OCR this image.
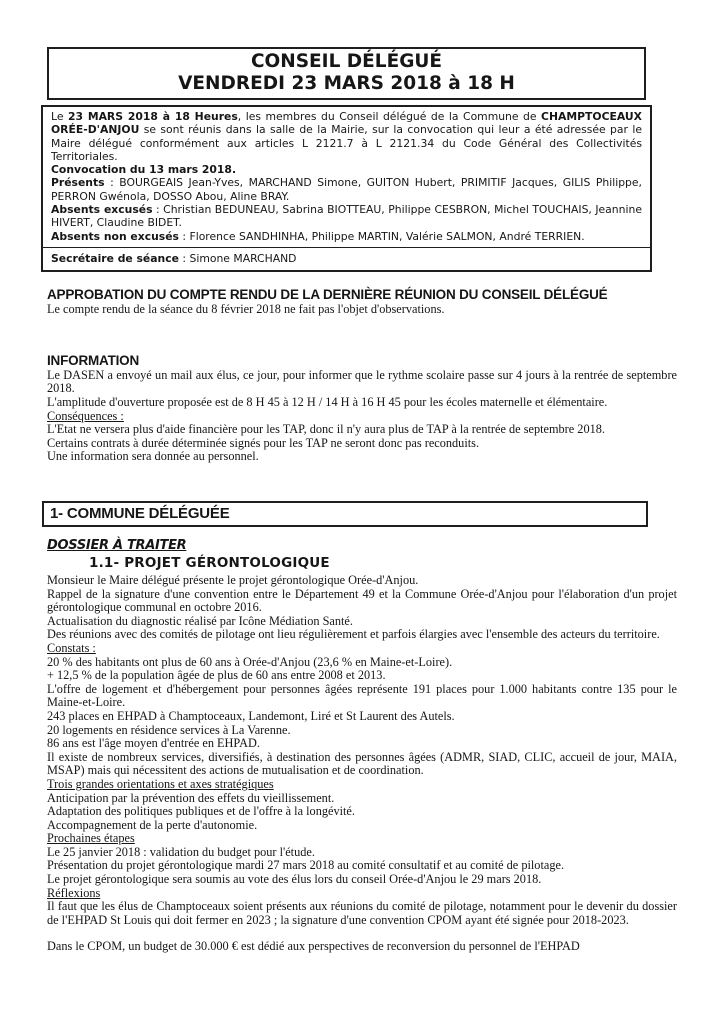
CONSEIL DÉLÉGUÉ
VENDREDI 23 MARS 2018 à 18 H

Le 23 MARS 2018 à 18 Heures, les membres du Conseil délégué de la Commune de CHAMPTOCEAUX ORÉE-D'ANJOU se sont réunis dans la salle de la Mairie, sur la convocation qui leur a été adressée par le Maire délégué conformément aux articles L 2121.7 à L 2121.34 du Code Général des Collectivités Territoriales.

Convocation du 13 mars 2018.

Présents : BOURGEAIS Jean-Yves, MARCHAND Simone, GUITON Hubert, PRIMITIF Jacques, GILIS Philippe, PERRON Gwénola, DOSSO Abou, Aline BRAY.

Absents excusés : Christian BEDUNEAU, Sabrina BIOTTEAU, Philippe CESBRON, Michel TOUCHAIS, Jeannine HIVERT, Claudine BIDET.

Absents non excusés : Florence SANDHINHA, Philippe MARTIN, Valérie SALMON, André TERRIEN.

Secrétaire de séance : Simone MARCHAND
APPROBATION DU COMPTE RENDU DE LA DERNIÈRE RÉUNION DU CONSEIL DÉLÉGUÉ

Le compte rendu de la séance du 8 février 2018 ne fait pas l'objet d'observations.

INFORMATION

Le DASEN a envoyé un mail aux élus, ce jour, pour informer que le rythme scolaire passe sur 4 jours à la rentrée de septembre 2018.

L'amplitude d'ouverture proposée est de 8 H 45 à 12 H / 14 H à 16 H 45 pour les écoles maternelle et élémentaire.

Conséquences :

L'Etat ne versera plus d'aide financière pour les TAP, donc il n'y aura plus de TAP à la rentrée de septembre 2018.

Certains contrats à durée déterminée signés pour les TAP ne seront donc pas reconduits.

Une information sera donnée au personnel.

1- COMMUNE DÉLÉGUÉE
DOSSIER À TRAITER
1.1- PROJET GÉRONTOLOGIQUE

Monsieur le Maire délégué présente le projet gérontologique Orée-d'Anjou.

Rappel de la signature d'une convention entre le Département 49 et la Commune Orée-d'Anjou pour l'élaboration d'un projet gérontologique communal en octobre 2016.

Actualisation du diagnostic réalisé par Icône Médiation Santé.

Des réunions avec des comités de pilotage ont lieu régulièrement et parfois élargies avec l'ensemble des acteurs du territoire.

Constats :

20 % des habitants ont plus de 60 ans à Orée-d'Anjou (23,6 % en Maine-et-Loire).

+ 12,5 % de la population âgée de plus de 60 ans entre 2008 et 2013.

L'offre de logement et d'hébergement pour personnes âgées représente 191 places pour 1.000 habitants contre 135 pour le Maine-et-Loire.

243 places en EHPAD à Champtoceaux, Landemont, Liré et St Laurent des Autels.

20 logements en résidence services à La Varenne.

86 ans est l'âge moyen d'entrée en EHPAD.

Il existe de nombreux services, diversifiés, à destination des personnes âgées (ADMR, SIAD, CLIC, accueil de jour, MAIA, MSAP) mais qui nécessitent des actions de mutualisation et de coordination.

Trois grandes orientations et axes stratégiques

Anticipation par la prévention des effets du vieillissement.

Adaptation des politiques publiques et de l'offre à la longévité.

Accompagnement de la perte d'autonomie.

Prochaines étapes

Le 25 janvier 2018 : validation du budget pour l'étude.

Présentation du projet gérontologique mardi 27 mars 2018 au comité consultatif et au comité de pilotage.

Le projet gérontologique sera soumis au vote des élus lors du conseil Orée-d'Anjou le 29 mars 2018.

Réflexions

Il faut que les élus de Champtoceaux soient présents aux réunions du comité de pilotage, notamment pour le devenir du dossier de l'EHPAD St Louis qui doit fermer en 2023 ; la signature d'une convention CPOM ayant été signée pour 2018-2023.

Dans le CPOM, un budget de 30.000 € est dédié aux perspectives de reconversion du personnel de l'EHPAD
